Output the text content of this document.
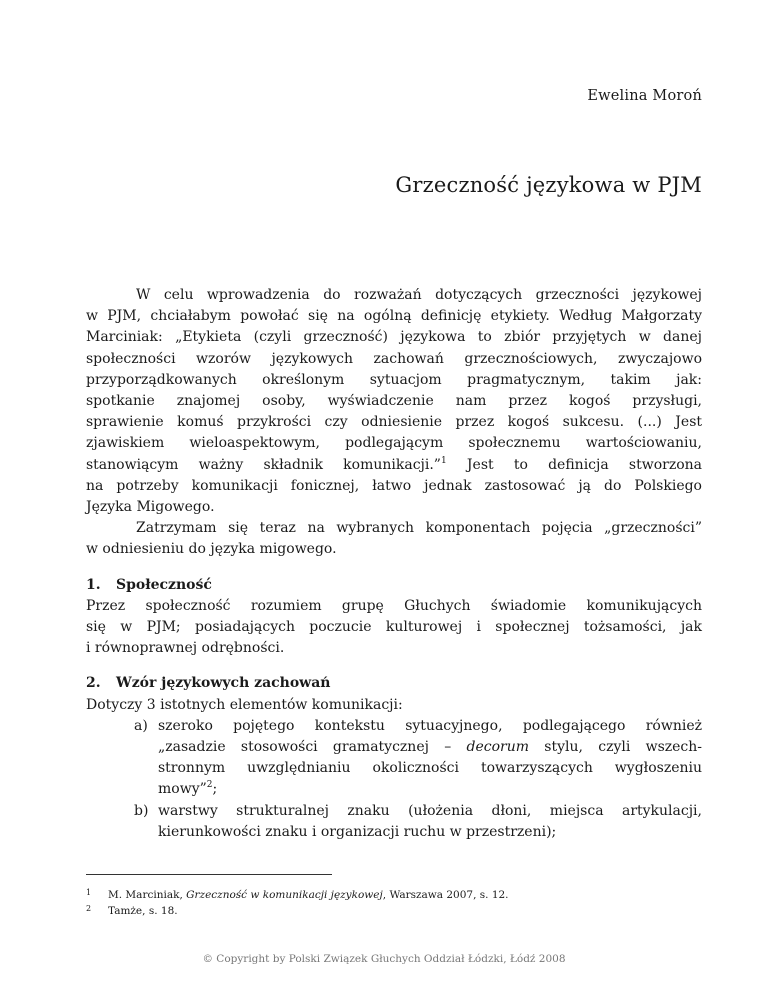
Ewelina Moroń
Grzeczność językowa w PJM
W celu wprowadzenia do rozważań dotyczących grzeczności językowej
w PJM, chciałabym powołać się na ogólną definicję etykiety. Według Małgorzaty
Marciniak: „Etykieta (czyli grzeczność) językowa to zbiór przyjętych w danej
społeczności wzorów językowych zachowań grzecznościowych, zwyczajowo
przyporządkowanych określonym sytuacjom pragmatycznym, takim jak:
spotkanie znajomej osoby, wyświadczenie nam przez kogoś przysługi,
sprawienie komuś przykrości czy odniesienie przez kogoś sukcesu. (...) Jest
zjawiskiem wieloaspektowym, podlegającym społecznemu wartościowaniu,
stanowiącym ważny składnik komunikacji.”$^1$ Jest to definicja stworzona
na potrzeby komunikacji fonicznej, łatwo jednak zastosować ją do Polskiego
Języka Migowego.
Zatrzymam się teraz na wybranych komponentach pojęcia „grzeczności”
w odniesieniu do języka migowego.
1. Społeczność
Przez społeczność rozumiem grupę Głuchych świadomie komunikujących
się w PJM; posiadających poczucie kulturowej i społecznej tożsamości, jak
i równoprawnej odrębności.
2. Wzór językowych zachowań
Dotyczy 3 istotnych elementów komunikacji:
a) szeroko pojętego kontekstu sytuacyjnego, podlegającego również
„zasadzie stosowości gramatycznej – decorum stylu, czyli wszech-
stronnym uwzględnianiu okoliczności towarzyszących wygłoszeniu
mowy”$^2$;
b) warstwy strukturalnej znaku (ułożenia dłoni, miejsca artykulacji,
kierunkowości znaku i organizacji ruchu w przestrzeni);
1 M. Marciniak, Grzeczność w komunikacji językowej, Warszawa 2007, s. 12.
2 Tamże, s. 18.
© Copyright by Polski Związek Głuchych Oddział Łódzki, Łódź 2008
